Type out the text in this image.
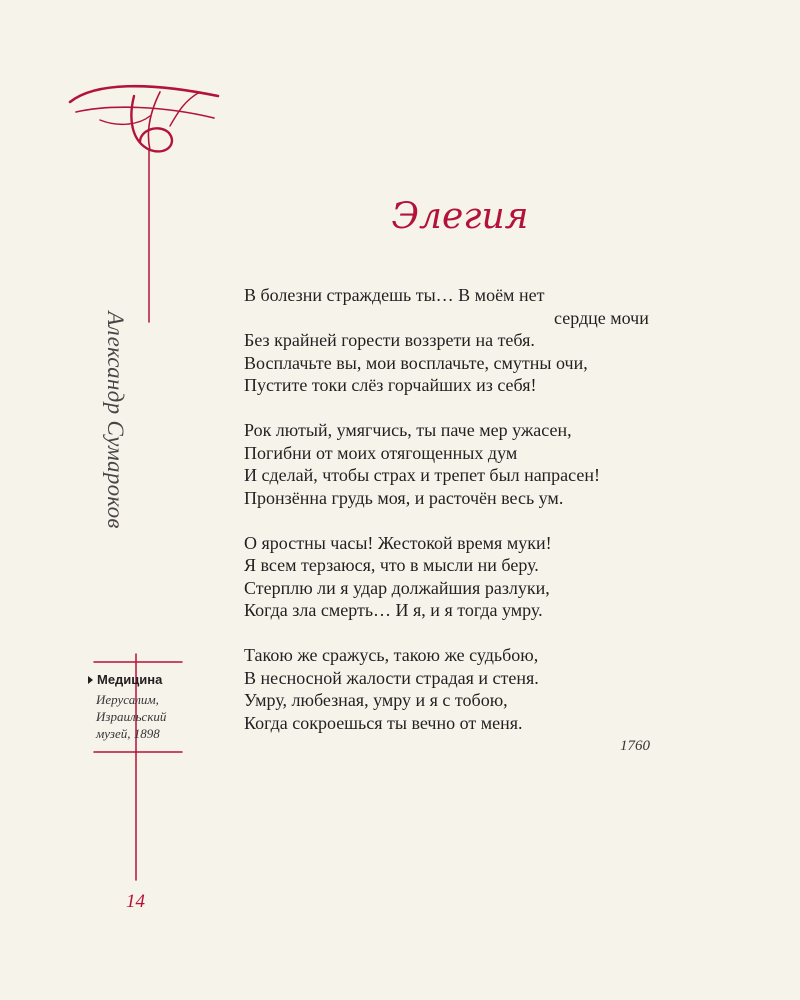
Александр Сумароков
Медицина
Иерусалим,
Израильский
музей, 1898
Элегия
В болезни страждешь ты… В моём нет
сердце мочи
Без крайней горести воззрети на тебя.
Восплачьте вы, мои восплачьте, смутны очи,
Пустите токи слёз горчайших из себя!
Рок лютый, умягчись, ты паче мер ужасен,
Погибни от моих отягощенных дум
И сделай, чтобы страх и трепет был напрасен!
Пронзённа грудь моя, и расточён весь ум.
О яростны часы! Жестокой время муки!
Я всем терзаюся, что в мысли ни беру.
Стерплю ли я удар должайшия разлуки,
Когда зла смерть… И я, и я тогда умру.
Такою же сражусь, такою же судьбою,
В несносной жалости страдая и стеня.
Умру, любезная, умру и я с тобою,
Когда сокроешься ты вечно от меня.
1760
14
